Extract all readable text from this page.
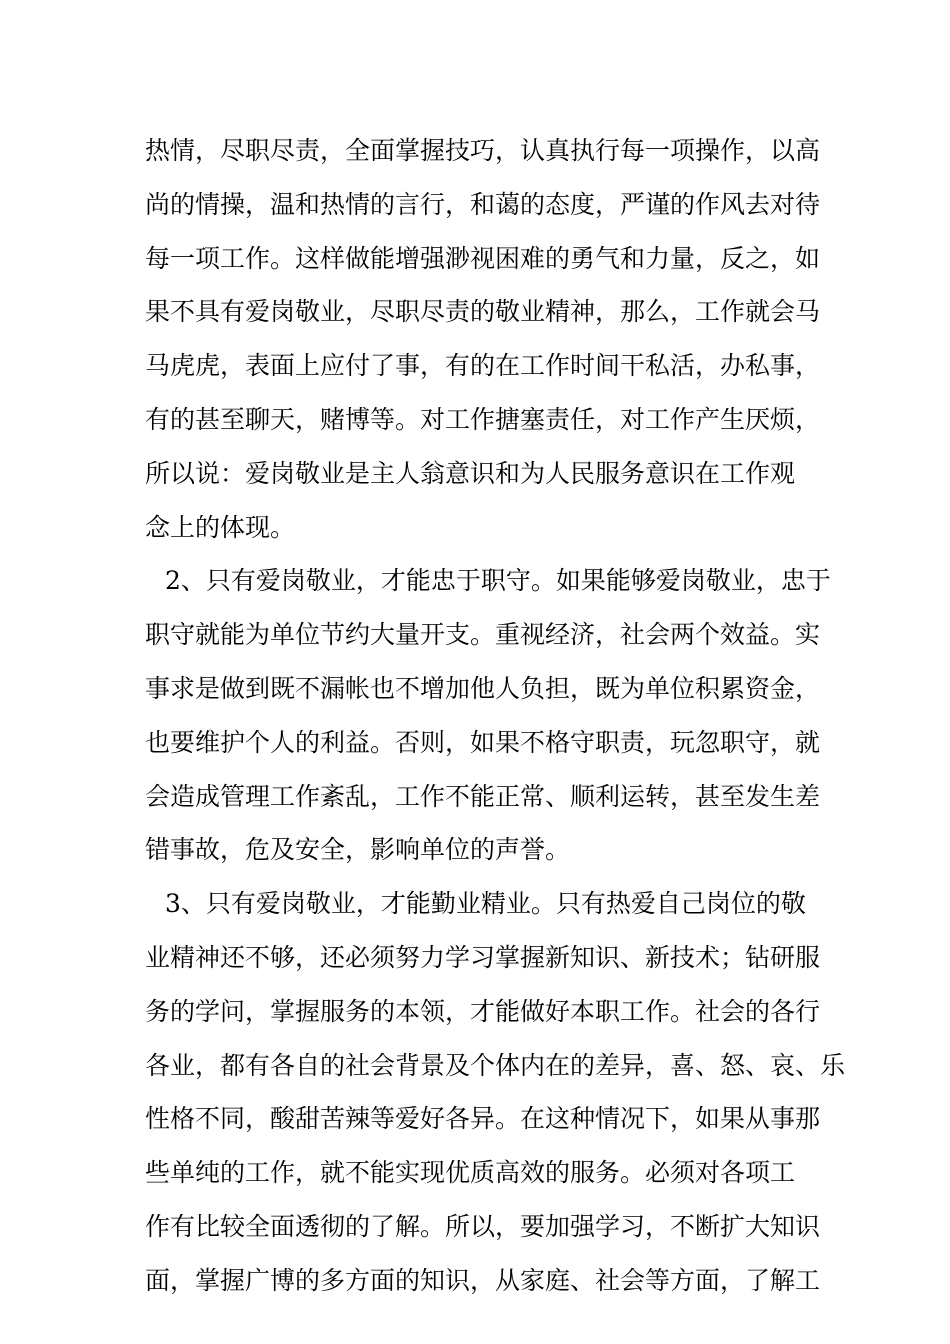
热情，尽职尽责，全面掌握技巧，认真执行每一项操作，以高
尚的情操，温和热情的言行，和蔼的态度，严谨的作风去对待
每一项工作。这样做能增强渺视困难的勇气和力量，反之，如
果不具有爱岗敬业，尽职尽责的敬业精神，那么，工作就会马
马虎虎，表面上应付了事，有的在工作时间干私活，办私事，
有的甚至聊天，赌博等。对工作搪塞责任，对工作产生厌烦，
所以说：爱岗敬业是主人翁意识和为人民服务意识在工作观
念上的体现。
2、只有爱岗敬业，才能忠于职守。如果能够爱岗敬业，忠于
职守就能为单位节约大量开支。重视经济，社会两个效益。实
事求是做到既不漏帐也不增加他人负担，既为单位积累资金，
也要维护个人的利益。否则，如果不格守职责，玩忽职守，就
会造成管理工作紊乱，工作不能正常、顺利运转，甚至发生差
错事故，危及安全，影响单位的声誉。
3、只有爱岗敬业，才能勤业精业。只有热爱自己岗位的敬
业精神还不够，还必须努力学习掌握新知识、新技术；钻研服
务的学问，掌握服务的本领，才能做好本职工作。社会的各行
各业，都有各自的社会背景及个体内在的差异，喜、怒、哀、乐
性格不同，酸甜苦辣等爱好各异。在这种情况下，如果从事那
些单纯的工作，就不能实现优质高效的服务。必须对各项工
作有比较全面透彻的了解。所以，要加强学习，不断扩大知识
面，掌握广博的多方面的知识，从家庭、社会等方面，了解工
